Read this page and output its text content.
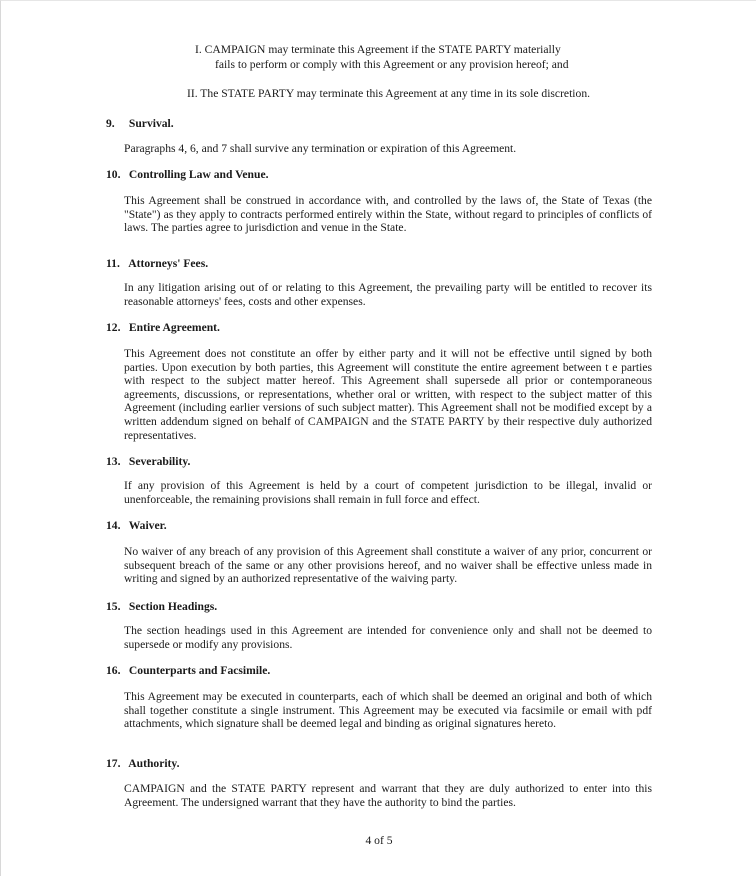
I. CAMPAIGN may terminate this Agreement if the STATE PARTY materially
fails to perform or comply with this Agreement or any provision hereof; and
II. The STATE PARTY may terminate this Agreement at any time in its sole discretion.
9. Survival.
Paragraphs 4, 6, and 7 shall survive any termination or expiration of this Agreement.
10. Controlling Law and Venue.
This Agreement shall be construed in accordance with, and controlled by the laws of, the State of Texas (the "State") as they apply to contracts performed entirely within the State, without regard to principles of conflicts of laws. The parties agree to jurisdiction and venue in the State.
11. Attorneys' Fees.
In any litigation arising out of or relating to this Agreement, the prevailing party will be entitled to recover its reasonable attorneys' fees, costs and other expenses.
12. Entire Agreement.
This Agreement does not constitute an offer by either party and it will not be effective until signed by both parties. Upon execution by both parties, this Agreement will constitute the entire agreement between t e parties with respect to the subject matter hereof. This Agreement shall supersede all prior or contemporaneous agreements, discussions, or representations, whether oral or written, with respect to the subject matter of this Agreement (including earlier versions of such subject matter). This Agreement shall not be modified except by a written addendum signed on behalf of CAMPAIGN and the STATE PARTY by their respective duly authorized representatives.
13. Severability.
If any provision of this Agreement is held by a court of competent jurisdiction to be illegal, invalid or unenforceable, the remaining provisions shall remain in full force and effect.
14. Waiver.
No waiver of any breach of any provision of this Agreement shall constitute a waiver of any prior, concurrent or subsequent breach of the same or any other provisions hereof, and no waiver shall be effective unless made in writing and signed by an authorized representative of the waiving party.
15. Section Headings.
The section headings used in this Agreement are intended for convenience only and shall not be deemed to supersede or modify any provisions.
16. Counterparts and Facsimile.
This Agreement may be executed in counterparts, each of which shall be deemed an original and both of which shall together constitute a single instrument. This Agreement may be executed via facsimile or email with pdf attachments, which signature shall be deemed legal and binding as original signatures hereto.
17. Authority.
CAMPAIGN and the STATE PARTY represent and warrant that they are duly authorized to enter into this Agreement. The undersigned warrant that they have the authority to bind the parties.
4 of 5
